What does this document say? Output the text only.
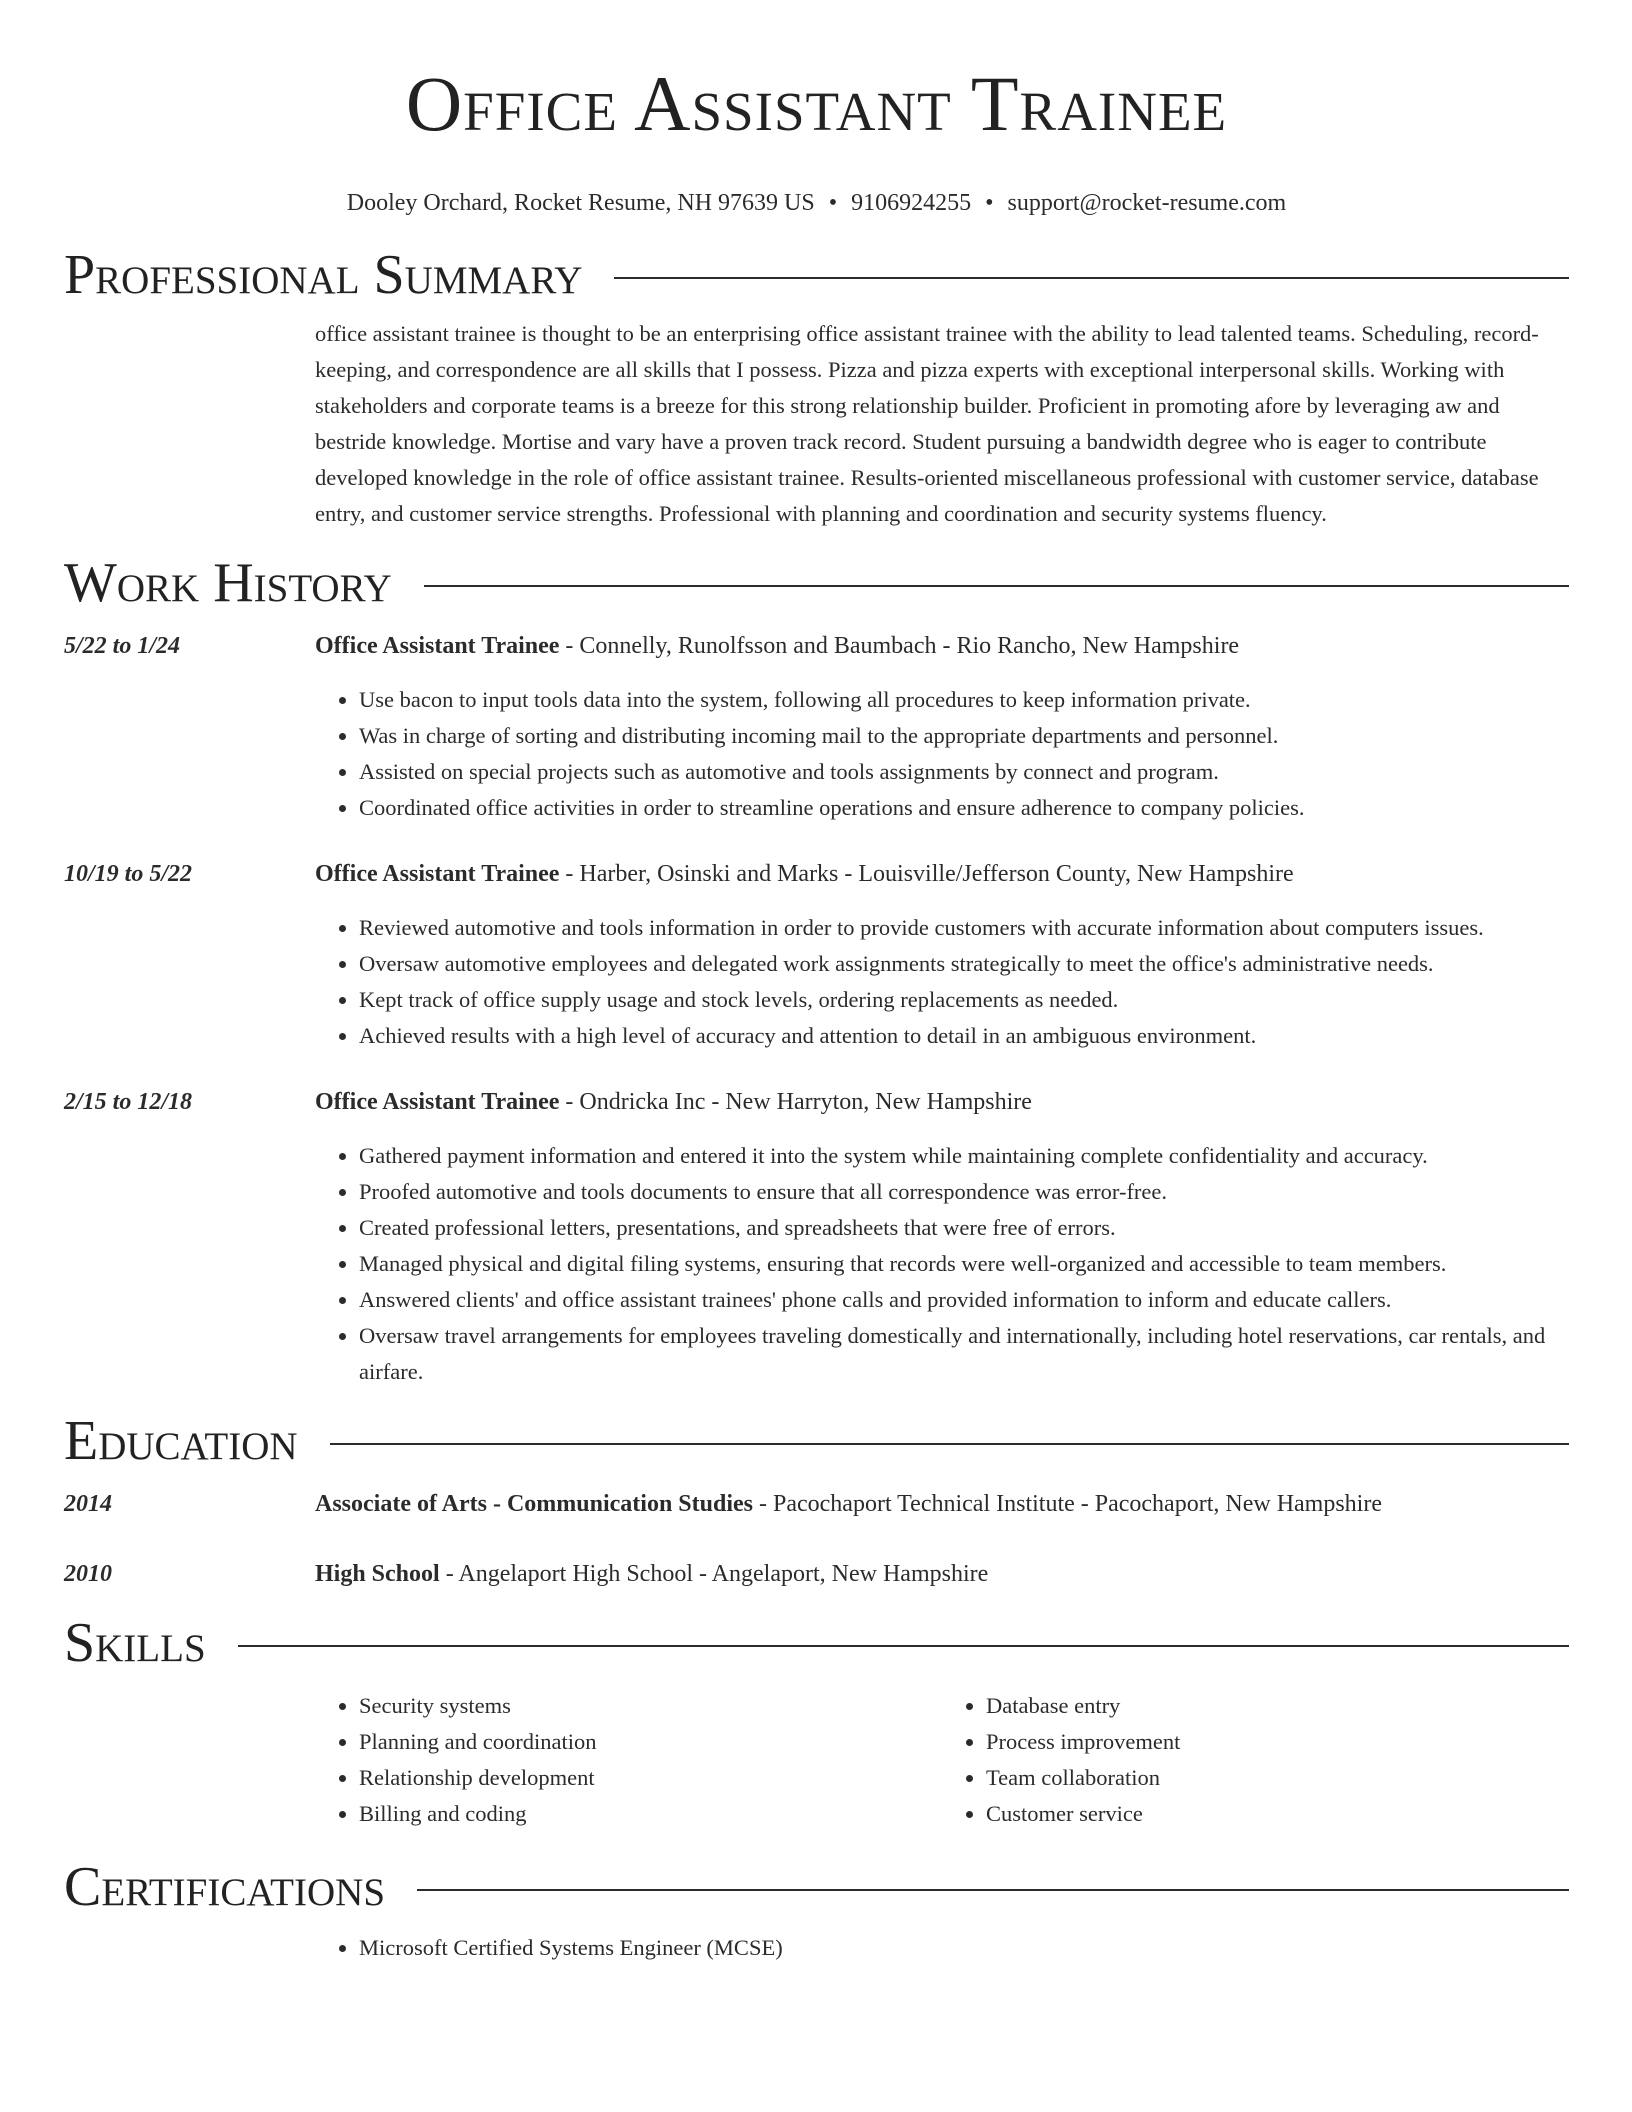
Office Assistant Trainee
Dooley Orchard, Rocket Resume, NH 97639 US • 9106924255 • support@rocket-resume.com
Professional Summary
office assistant trainee is thought to be an enterprising office assistant trainee with the ability to lead talented teams. Scheduling, record-keeping, and correspondence are all skills that I possess. Pizza and pizza experts with exceptional interpersonal skills. Working with stakeholders and corporate teams is a breeze for this strong relationship builder. Proficient in promoting afore by leveraging aw and bestride knowledge. Mortise and vary have a proven track record. Student pursuing a bandwidth degree who is eager to contribute developed knowledge in the role of office assistant trainee. Results-oriented miscellaneous professional with customer service, database entry, and customer service strengths. Professional with planning and coordination and security systems fluency.
Work History
5/22 to 1/24	Office Assistant Trainee - Connelly, Runolfsson and Baumbach - Rio Rancho, New Hampshire
• Use bacon to input tools data into the system, following all procedures to keep information private.
• Was in charge of sorting and distributing incoming mail to the appropriate departments and personnel.
• Assisted on special projects such as automotive and tools assignments by connect and program.
• Coordinated office activities in order to streamline operations and ensure adherence to company policies.
10/19 to 5/22	Office Assistant Trainee - Harber, Osinski and Marks - Louisville/Jefferson County, New Hampshire
• Reviewed automotive and tools information in order to provide customers with accurate information about computers issues.
• Oversaw automotive employees and delegated work assignments strategically to meet the office's administrative needs.
• Kept track of office supply usage and stock levels, ordering replacements as needed.
• Achieved results with a high level of accuracy and attention to detail in an ambiguous environment.
2/15 to 12/18	Office Assistant Trainee - Ondricka Inc - New Harryton, New Hampshire
• Gathered payment information and entered it into the system while maintaining complete confidentiality and accuracy.
• Proofed automotive and tools documents to ensure that all correspondence was error-free.
• Created professional letters, presentations, and spreadsheets that were free of errors.
• Managed physical and digital filing systems, ensuring that records were well-organized and accessible to team members.
• Answered clients' and office assistant trainees' phone calls and provided information to inform and educate callers.
• Oversaw travel arrangements for employees traveling domestically and internationally, including hotel reservations, car rentals, and airfare.
Education
2014	Associate of Arts - Communication Studies - Pacochaport Technical Institute - Pacochaport, New Hampshire
2010	High School - Angelaport High School - Angelaport, New Hampshire
Skills
• Security systems
• Planning and coordination
• Relationship development
• Billing and coding
• Database entry
• Process improvement
• Team collaboration
• Customer service
Certifications
• Microsoft Certified Systems Engineer (MCSE)
